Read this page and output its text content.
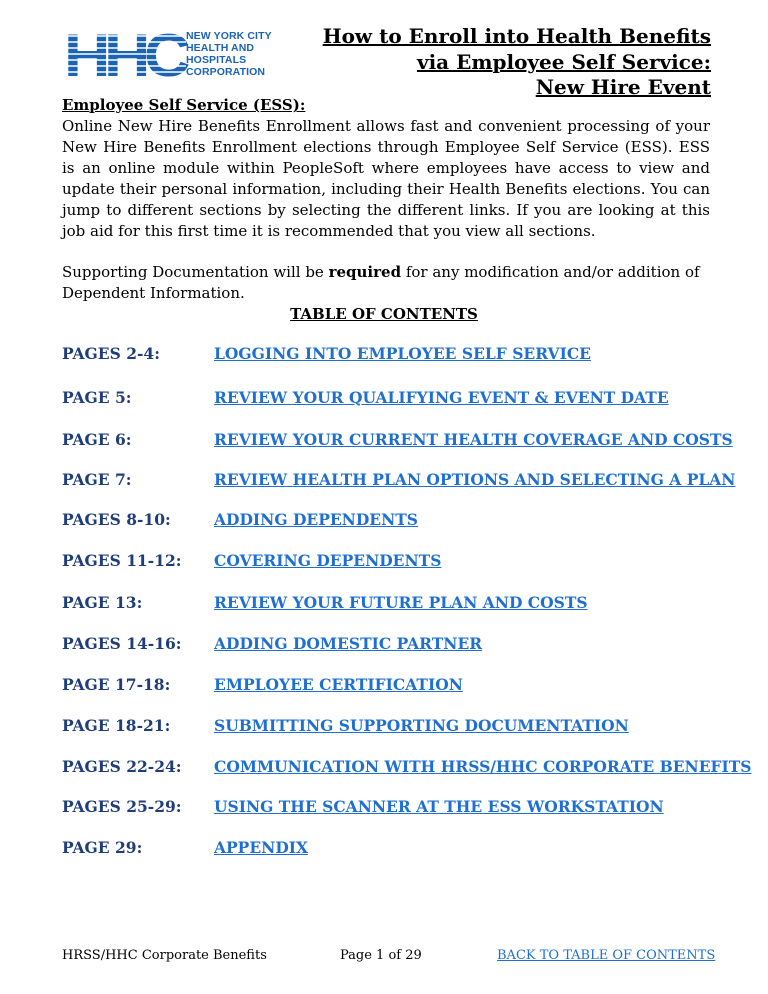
HHC
NEW YORK CITY
HEALTH AND
HOSPITALS
CORPORATION
How to Enroll into Health Benefits
via Employee Self Service:
New Hire Event
Employee Self Service (ESS):

Online New Hire Benefits Enrollment allows fast and convenient processing of your New Hire Benefits Enrollment elections through Employee Self Service (ESS). ESS is an online module within PeopleSoft where employees have access to view and update their personal information, including their Health Benefits elections. You can jump to different sections by selecting the different links. If you are looking at this job aid for this first time it is recommended that you view all sections.

Supporting Documentation will be required for any modification and/or addition of Dependent Information.

TABLE OF CONTENTS
PAGES 2-4:	LOGGING INTO EMPLOYEE SELF SERVICE
PAGE 5:	REVIEW YOUR QUALIFYING EVENT & EVENT DATE
PAGE 6:	REVIEW YOUR CURRENT HEALTH COVERAGE AND COSTS
PAGE 7:	REVIEW HEALTH PLAN OPTIONS AND SELECTING A PLAN
PAGES 8-10:	ADDING DEPENDENTS
PAGES 11-12: COVERING DEPENDENTS
PAGE 13:	REVIEW YOUR FUTURE PLAN AND COSTS
PAGES 14-16: ADDING DOMESTIC PARTNER
PAGE 17-18:	EMPLOYEE CERTIFICATION
PAGE 18-21:	SUBMITTING SUPPORTING DOCUMENTATION
PAGES 22-24: COMMUNICATION WITH HRSS/HHC CORPORATE BENEFITS
PAGES 25-29: USING THE SCANNER AT THE ESS WORKSTATION
PAGE 29:	APPENDIX
HRSS/HHC Corporate Benefits	Page 1 of 29	BACK TO TABLE OF CONTENTS
